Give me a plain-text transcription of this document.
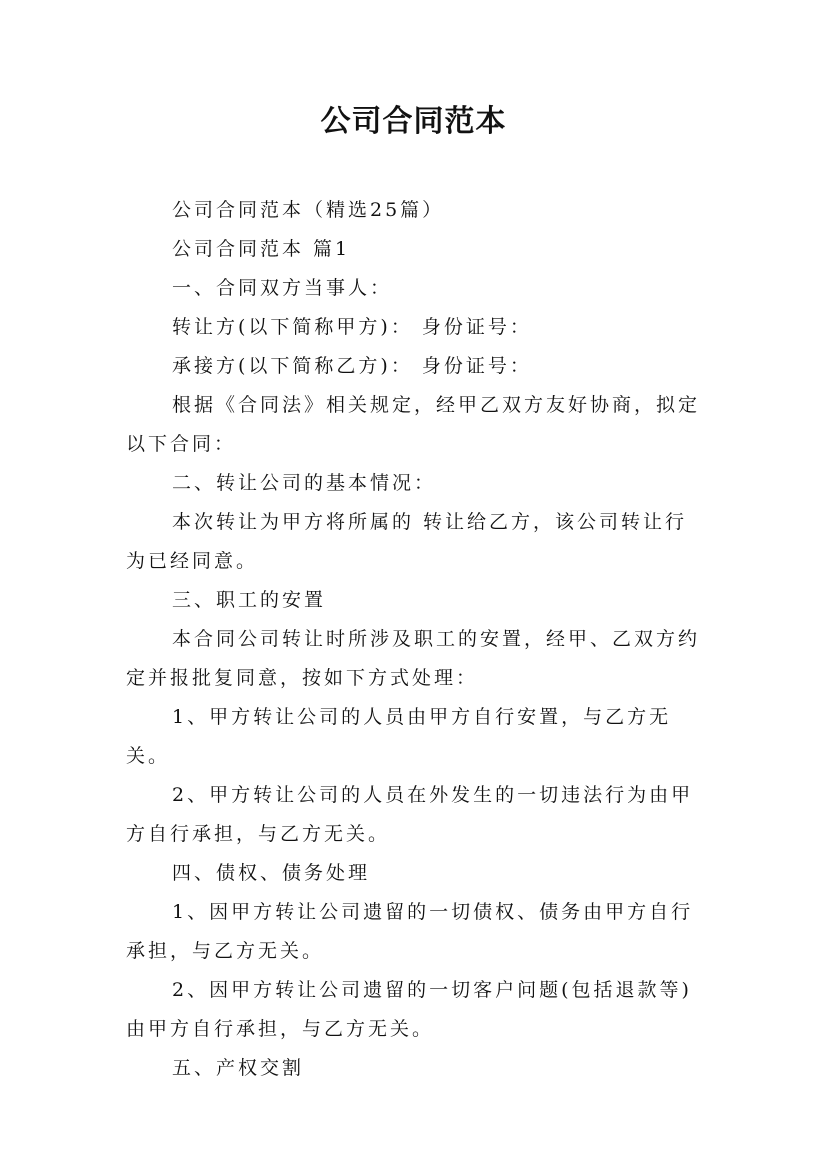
公司合同范本

公司合同范本（精选25篇）

公司合同范本 篇1

一、合同双方当事人：

转让方(以下简称甲方)： 身份证号：

承接方(以下简称乙方)： 身份证号：

根据《合同法》相关规定，经甲乙双方友好协商，拟定以下合同：

二、转让公司的基本情况：

本次转让为甲方将所属的 转让给乙方，该公司转让行为已经同意。

三、职工的安置

本合同公司转让时所涉及职工的安置，经甲、乙双方约定并报批复同意，按如下方式处理：

1、甲方转让公司的人员由甲方自行安置，与乙方无关。

2、甲方转让公司的人员在外发生的一切违法行为由甲方自行承担，与乙方无关。

四、债权、债务处理

1、因甲方转让公司遗留的一切债权、债务由甲方自行承担，与乙方无关。

2、因甲方转让公司遗留的一切客户问题(包括退款等)由甲方自行承担，与乙方无关。

五、产权交割
